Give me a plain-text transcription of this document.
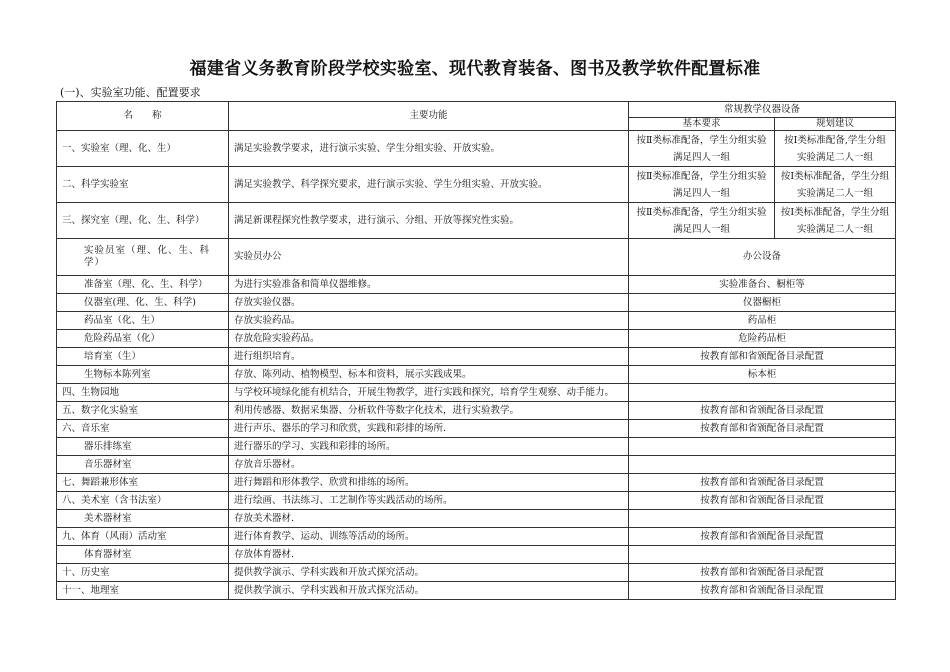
福建省义务教育阶段学校实验室、现代教育装备、图书及教学软件配置标准
(一)、实验室功能、配置要求
名　　称	主要功能	常规教学仪器设备	
		基本要求	规划建议
一、实验室（理、化、生）	满足实验教学要求，进行演示实验、学生分组实验、开放实验。	按Ⅱ类标准配备，学生分组实验满足四人一组	按Ⅰ类标准配备,学生分组实验满足二人一组
二、科学实验室	满足实验教学、科学探究要求，进行演示实验、学生分组实验、开放实验。	按Ⅱ类标准配备，学生分组实验满足四人一组	按Ⅰ类标准配备，学生分组实验满足二人一组
三、探究室（理、化、生、科学）	满足新课程探究性教学要求，进行演示、分组、开放等探究性实验。	按Ⅱ类标准配备，学生分组实验满足四人一组	按Ⅰ类标准配备，学生分组实验满足二人一组
实验员室（理、化、生、科学）	实验员办公	办公设备	
准备室（理、化、生、科学）	为进行实验准备和简单仪器维修。	实验准备台、橱柜等	
仪器室(理、化、生、科学)	存放实验仪器。	仪器橱柜	
药品室（化、生）	存放实验药品。	药品柜	
危险药品室（化）	存放危险实验药品。	危险药品柜	
培育室（生）	进行组织培育。	按教育部和省颁配备目录配置	
生物标本陈列室	存放、陈列动、植物模型、标本和资料，展示实践成果。	标本柜	
四、生物园地	与学校环境绿化能有机结合，开展生物教学，进行实践和探究，培育学生观察、动手能力。		
五、数字化实验室	利用传感器、数据采集器、分析软件等数字化技术，进行实验教学。	按教育部和省颁配备目录配置	
六、音乐室	进行声乐、器乐的学习和欣赏，实践和彩排的场所.	按教育部和省颁配备目录配置	
器乐排练室	进行器乐的学习、实践和彩排的场所。		
音乐器材室	存放音乐器材。		
七、舞蹈兼形体室	进行舞蹈和形体教学、欣赏和排练的场所。	按教育部和省颁配备目录配置	
八、美术室（含书法室）	进行绘画、书法练习、工艺制作等实践活动的场所。	按教育部和省颁配备目录配置	
美术器材室	存放美术器材.		
九、体育（风雨）活动室	进行体育教学、运动、训练等活动的场所。	按教育部和省颁配备目录配置	
体育器材室	存放体育器材.		
十、历史室	提供教学演示、学科实践和开放式探究活动。	按教育部和省颁配备目录配置	
十一、地理室	提供教学演示、学科实践和开放式探究活动。	按教育部和省颁配备目录配置	
